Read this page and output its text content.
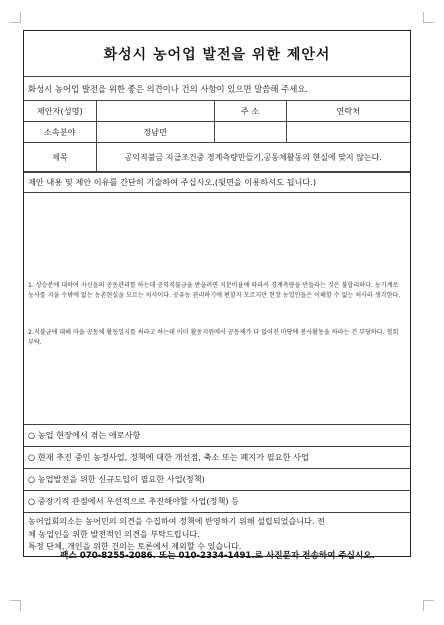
화성시 농어업 발전을 위한 제안서
화성시 농어업 발전을 위한 좋은 의견이나 건의 사항이 있으면 말씀해 주세요.
제안자(성명)		주 소	연락처
소속분야	정남면		
제목	공익직불금 지급조건중 경계측량만들기,공동체활동의 현실에 맞지 않는다.		
제안 내용 및 제안 이유를 간단히 기술하여 주십시오.(뒷면을 이용하셔도 됩니다.)

1. 상승분에 대하여 자신들의 공동관리를 하는데 공익직불금을 받을려면 지분비율에 따라서 경계측량을 만들라는 것은 불합리하다. 농기계로 농사를 지을 수밖에 없는 농촌현실을 모르는 처사이다. 공유농 관리하기에 편할지 모르지만 현장 농업인들은 이해할 수 없는 처사라 생각한다.

2.직불금에 대해 마을 공동체 활동일지를 써라고 하는데 이미 활동지원에서 공동체가 다 없어진 마당에 봉사활동을 하라는 건 부당하다. 철회 부탁.

○ 농업 현장에서 겪는 애로사항
○ 현재 추진 중인 농정사업, 정책에 대한 개선점, 축소 또는 폐지가 필요한 사업
○ 농업발전을 위한 신규도입이 필요한 사업(정책)
○ 중장기적 관점에서 우선적으로 추진해야할 사업(정책) 등
농어업회의소는 농어민의 의견을 수집하여 정책에 반영하기 위해 설립되었습니다. 전
체 농업인을 위한 발전적인 의견을 부탁드립니다.
특정 단체, 개인을 위한 건의는 토론에서 제외할 수 있습니다.
팩스 070-8255-2086. 또는 010-2334-1491.로 사진문자 전송하여 주십시오.
